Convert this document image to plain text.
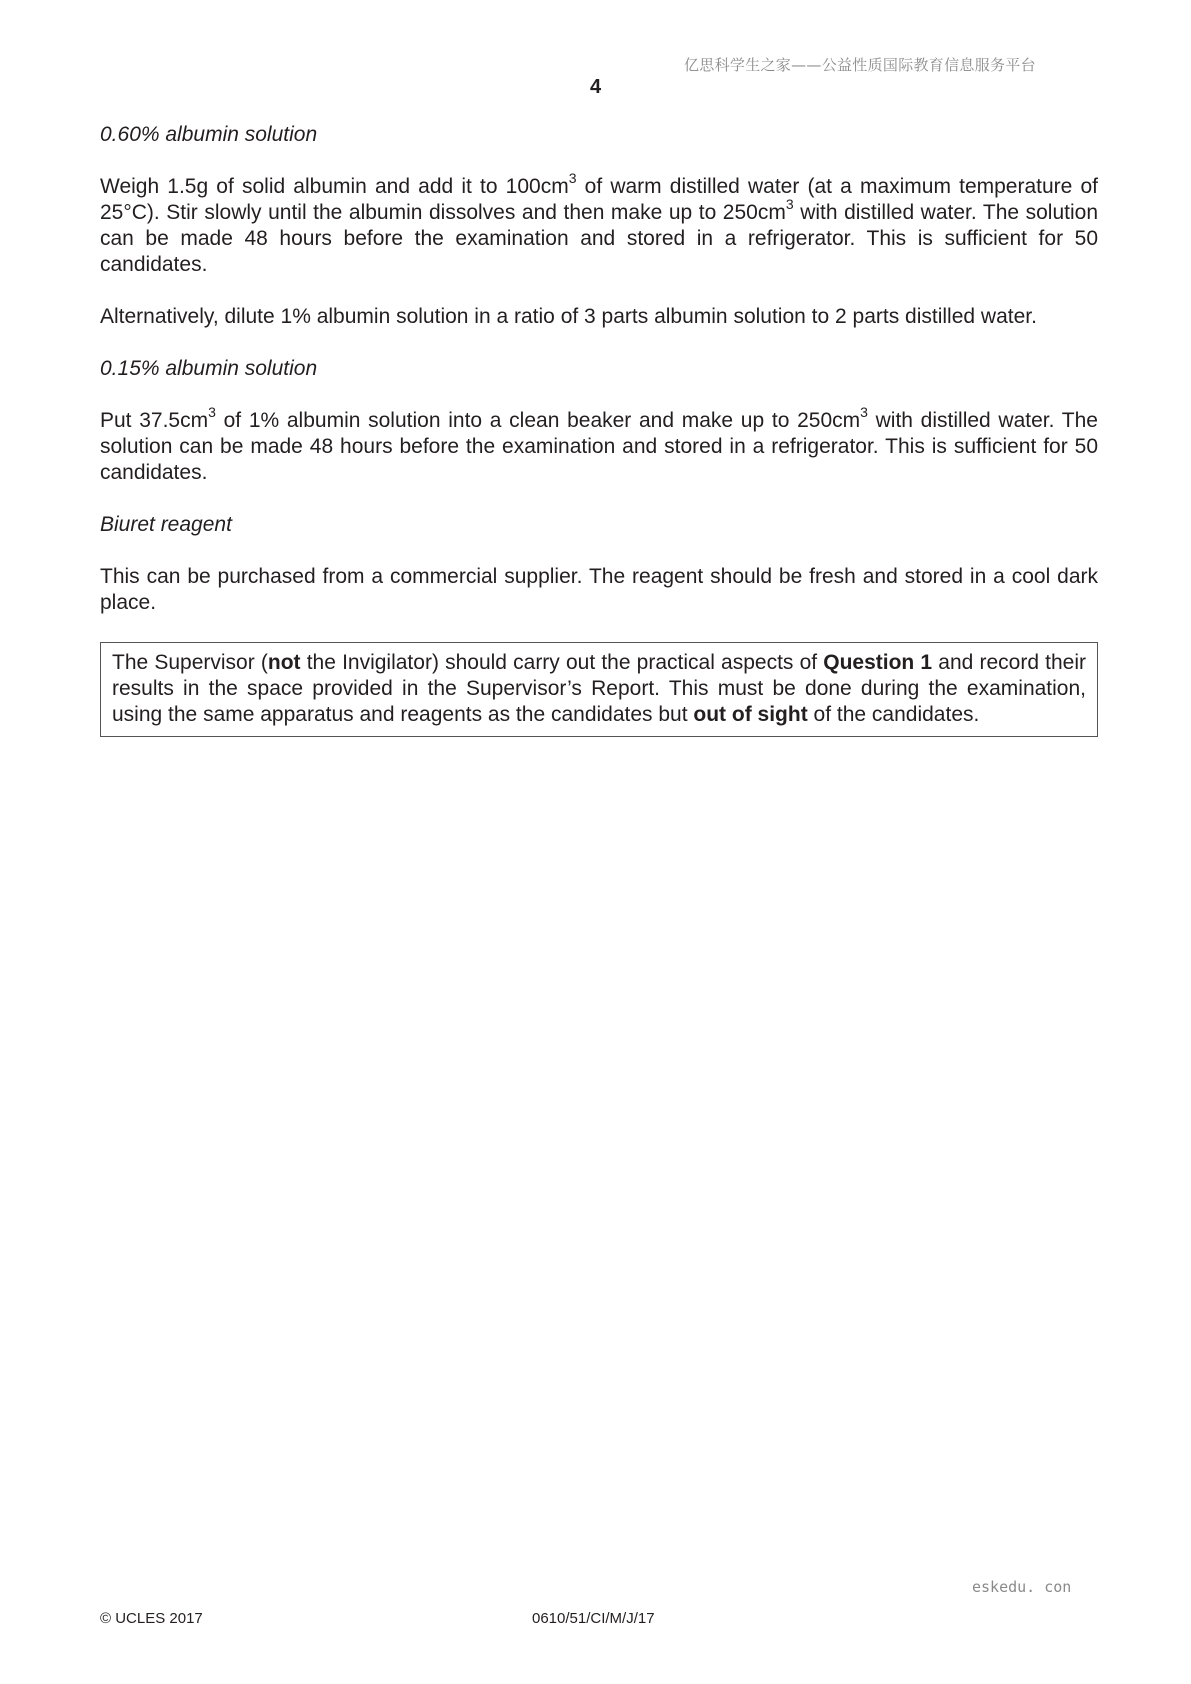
亿思科学生之家——公益性质国际教育信息服务平台
4

0.60% albumin solution

Weigh 1.5g of solid albumin and add it to $100cm^3$ of warm distilled water (at a maximum temperature of 25°C). Stir slowly until the albumin dissolves and then make up to $250cm^3$ with distilled water. The solution can be made 48 hours before the examination and stored in a refrigerator. This is sufficient for 50 candidates.

Alternatively, dilute 1% albumin solution in a ratio of 3 parts albumin solution to 2 parts distilled water.

0.15% albumin solution

Put $37.5cm^3$ of 1% albumin solution into a clean beaker and make up to $250cm^3$ with distilled water. The solution can be made 48 hours before the examination and stored in a refrigerator. This is sufficient for 50 candidates.

Biuret reagent

This can be purchased from a commercial supplier. The reagent should be fresh and stored in a cool dark place.

The Supervisor (not the Invigilator) should carry out the practical aspects of Question 1 and record their results in the space provided in the Supervisor’s Report. This must be done during the examination, using the same apparatus and reagents as the candidates but out of sight of the candidates.
eskedu. con
© UCLES 2017	0610/51/CI/M/J/17
